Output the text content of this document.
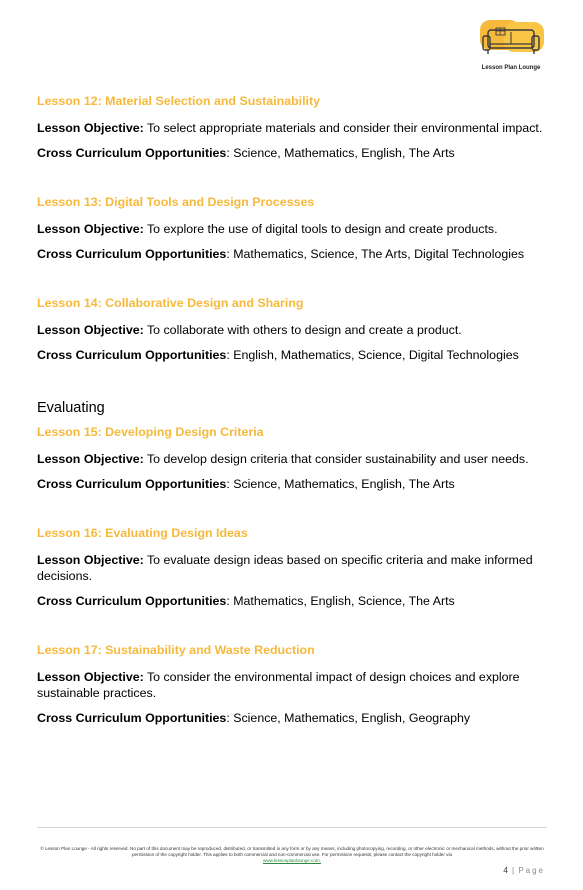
Lesson Plan Lounge
Lesson 12: Material Selection and Sustainability
Lesson Objective: To select appropriate materials and consider their environmental impact.
Cross Curriculum Opportunities: Science, Mathematics, English, The Arts
Lesson 13: Digital Tools and Design Processes
Lesson Objective: To explore the use of digital tools to design and create products.
Cross Curriculum Opportunities: Mathematics, Science, The Arts, Digital Technologies
Lesson 14: Collaborative Design and Sharing
Lesson Objective: To collaborate with others to design and create a product.
Cross Curriculum Opportunities: English, Mathematics, Science, Digital Technologies
Evaluating
Lesson 15: Developing Design Criteria
Lesson Objective: To develop design criteria that consider sustainability and user needs.
Cross Curriculum Opportunities: Science, Mathematics, English, The Arts
Lesson 16: Evaluating Design Ideas
Lesson Objective: To evaluate design ideas based on specific criteria and make informed decisions.
Cross Curriculum Opportunities: Mathematics, English, Science, The Arts
Lesson 17: Sustainability and Waste Reduction
Lesson Objective: To consider the environmental impact of design choices and explore sustainable practices.
Cross Curriculum Opportunities: Science, Mathematics, English, Geography
© Lesson Plan Lounge - All rights reserved. No part of this document may be reproduced, distributed, or transmitted in any form or by any means, including photocopying, recording, or other electronic or mechanical methods, without the prior written permission of the copyright holder. This applies to both commercial and non-commercial use. For permission requests, please contact the copyright holder via
www.lessonplanlounge.com.
4 | Page
